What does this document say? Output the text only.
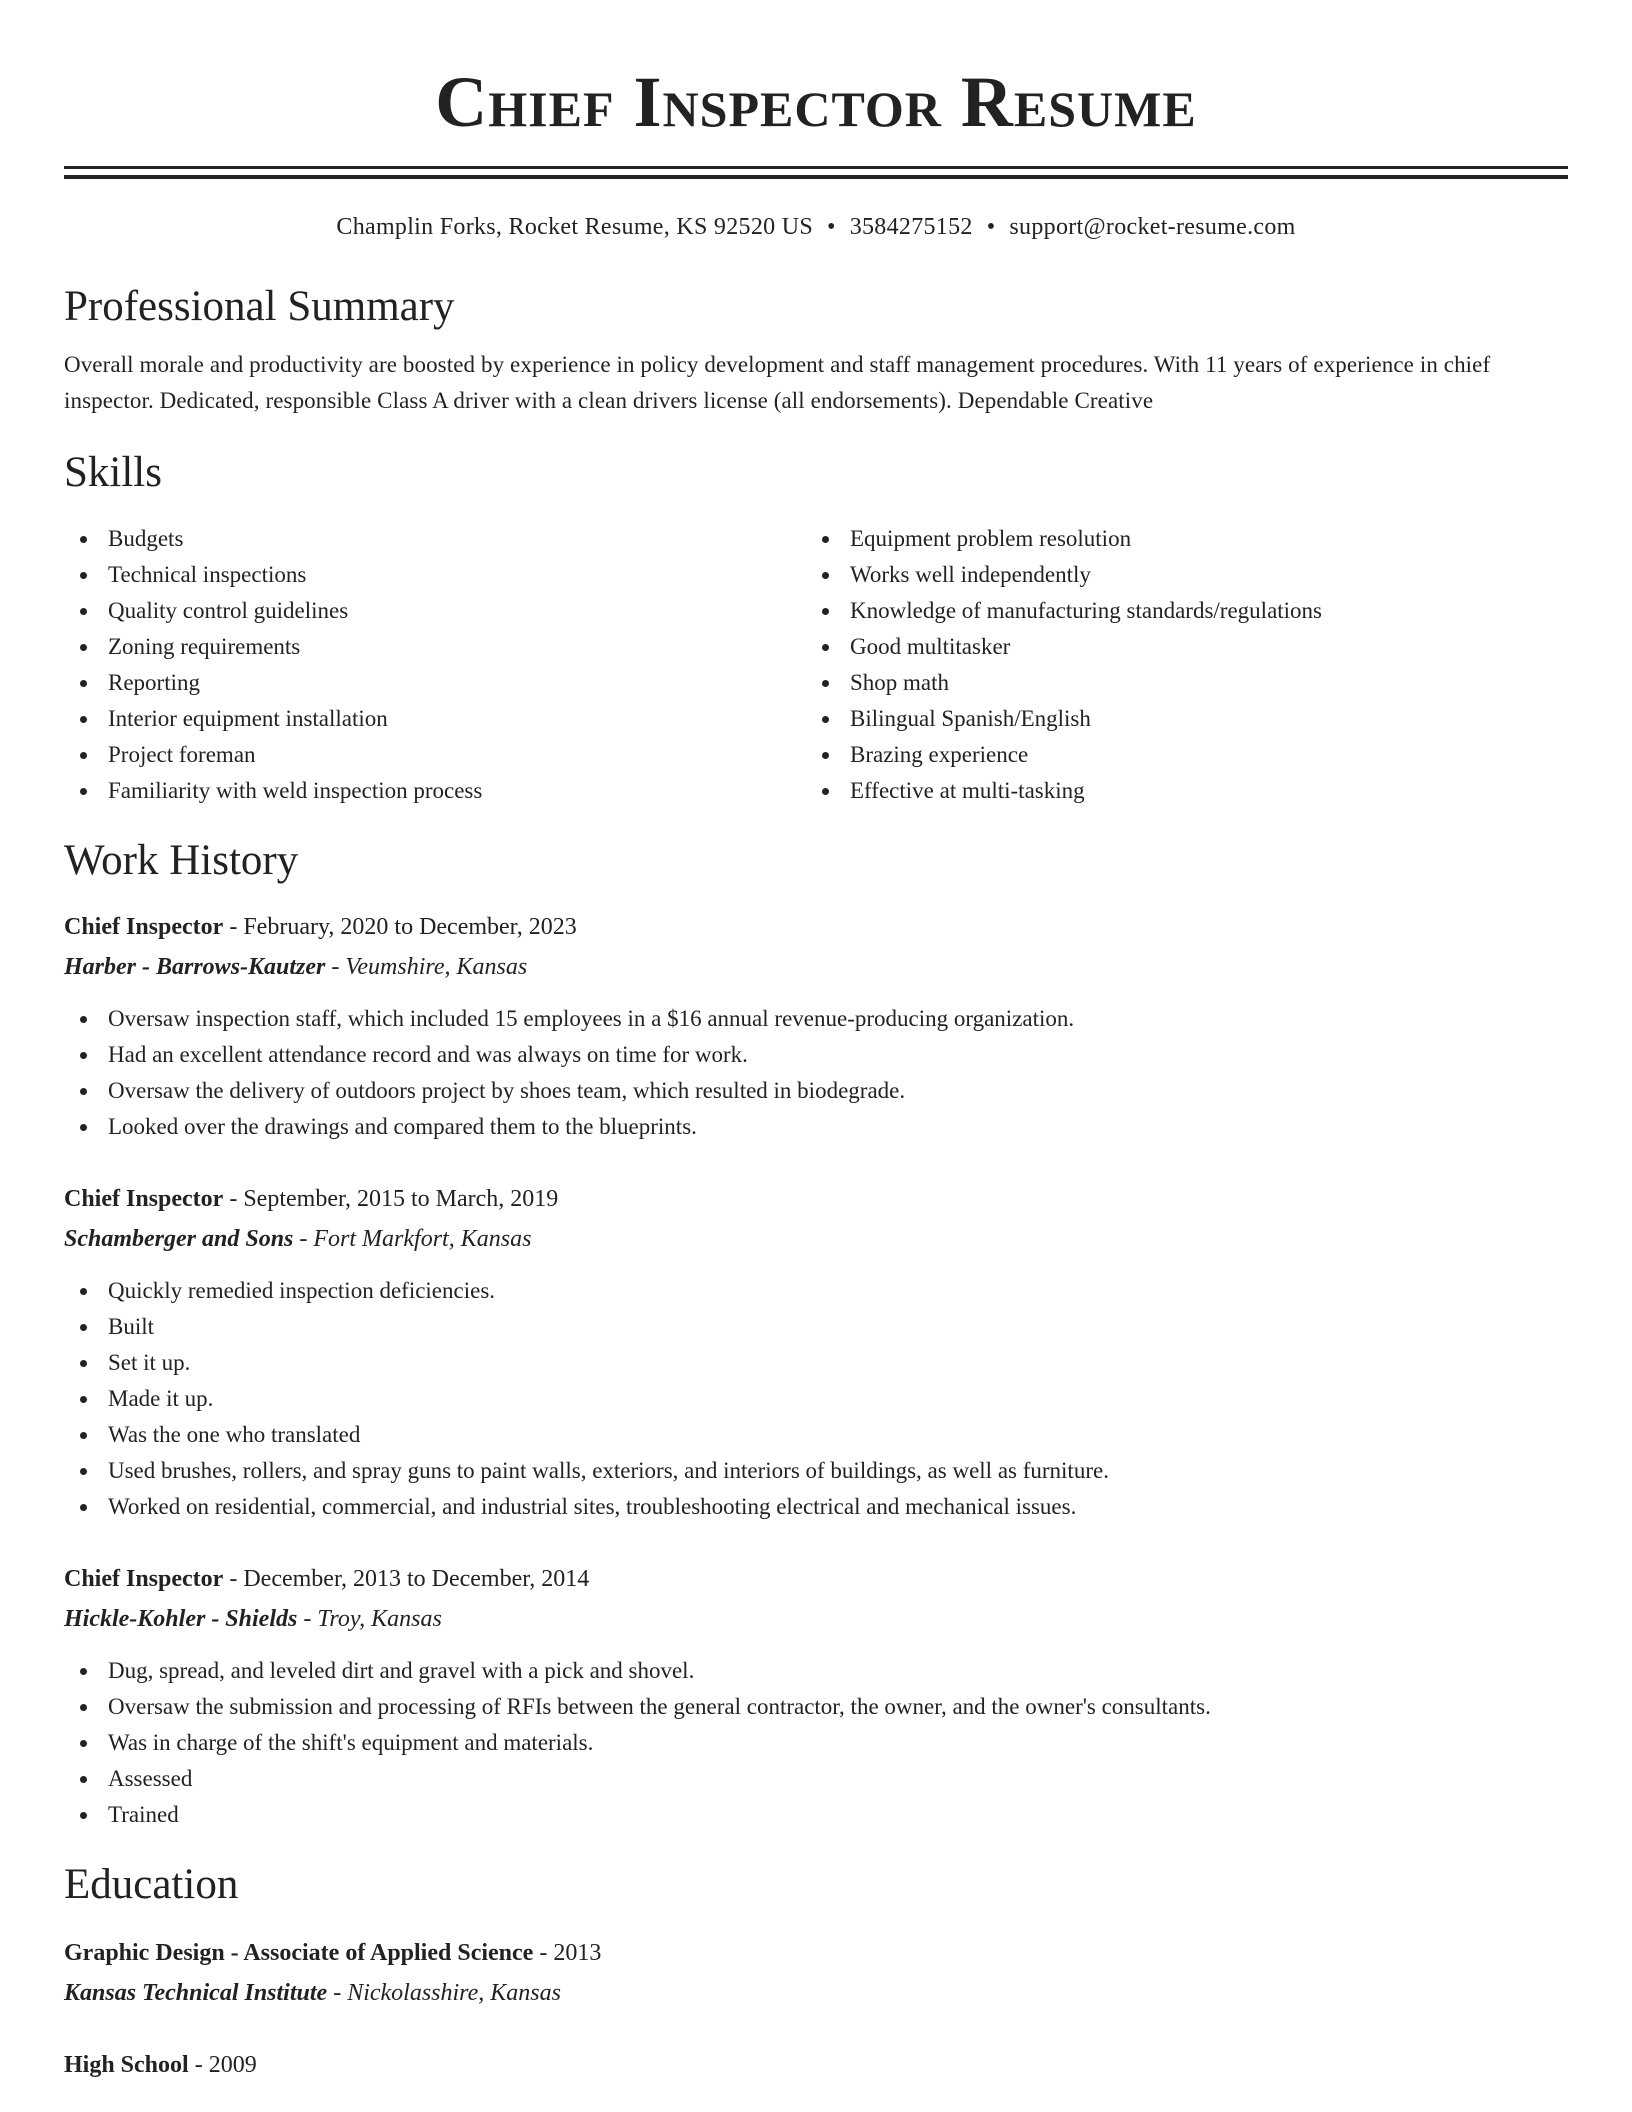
Chief Inspector Resume
Champlin Forks, Rocket Resume, KS 92520 US • 3584275152 • support@rocket-resume.com
Professional Summary
Overall morale and productivity are boosted by experience in policy development and staff management procedures. With 11 years of experience in chief inspector. Dedicated, responsible Class A driver with a clean drivers license (all endorsements). Dependable Creative
Skills
Budgets
Technical inspections
Quality control guidelines
Zoning requirements
Reporting
Interior equipment installation
Project foreman
Familiarity with weld inspection process
Equipment problem resolution
Works well independently
Knowledge of manufacturing standards/regulations
Good multitasker
Shop math
Bilingual Spanish/English
Brazing experience
Effective at multi-tasking
Work History
Chief Inspector - February, 2020 to December, 2023
Harber - Barrows-Kautzer - Veumshire, Kansas
Oversaw inspection staff, which included 15 employees in a $16 annual revenue-producing organization.
Had an excellent attendance record and was always on time for work.
Oversaw the delivery of outdoors project by shoes team, which resulted in biodegrade.
Looked over the drawings and compared them to the blueprints.
Chief Inspector - September, 2015 to March, 2019
Schamberger and Sons - Fort Markfort, Kansas
Quickly remedied inspection deficiencies.
Built
Set it up.
Made it up.
Was the one who translated
Used brushes, rollers, and spray guns to paint walls, exteriors, and interiors of buildings, as well as furniture.
Worked on residential, commercial, and industrial sites, troubleshooting electrical and mechanical issues.
Chief Inspector - December, 2013 to December, 2014
Hickle-Kohler - Shields - Troy, Kansas
Dug, spread, and leveled dirt and gravel with a pick and shovel.
Oversaw the submission and processing of RFIs between the general contractor, the owner, and the owner's consultants.
Was in charge of the shift's equipment and materials.
Assessed
Trained
Education
Graphic Design - Associate of Applied Science - 2013
Kansas Technical Institute - Nickolasshire, Kansas
High School - 2009
